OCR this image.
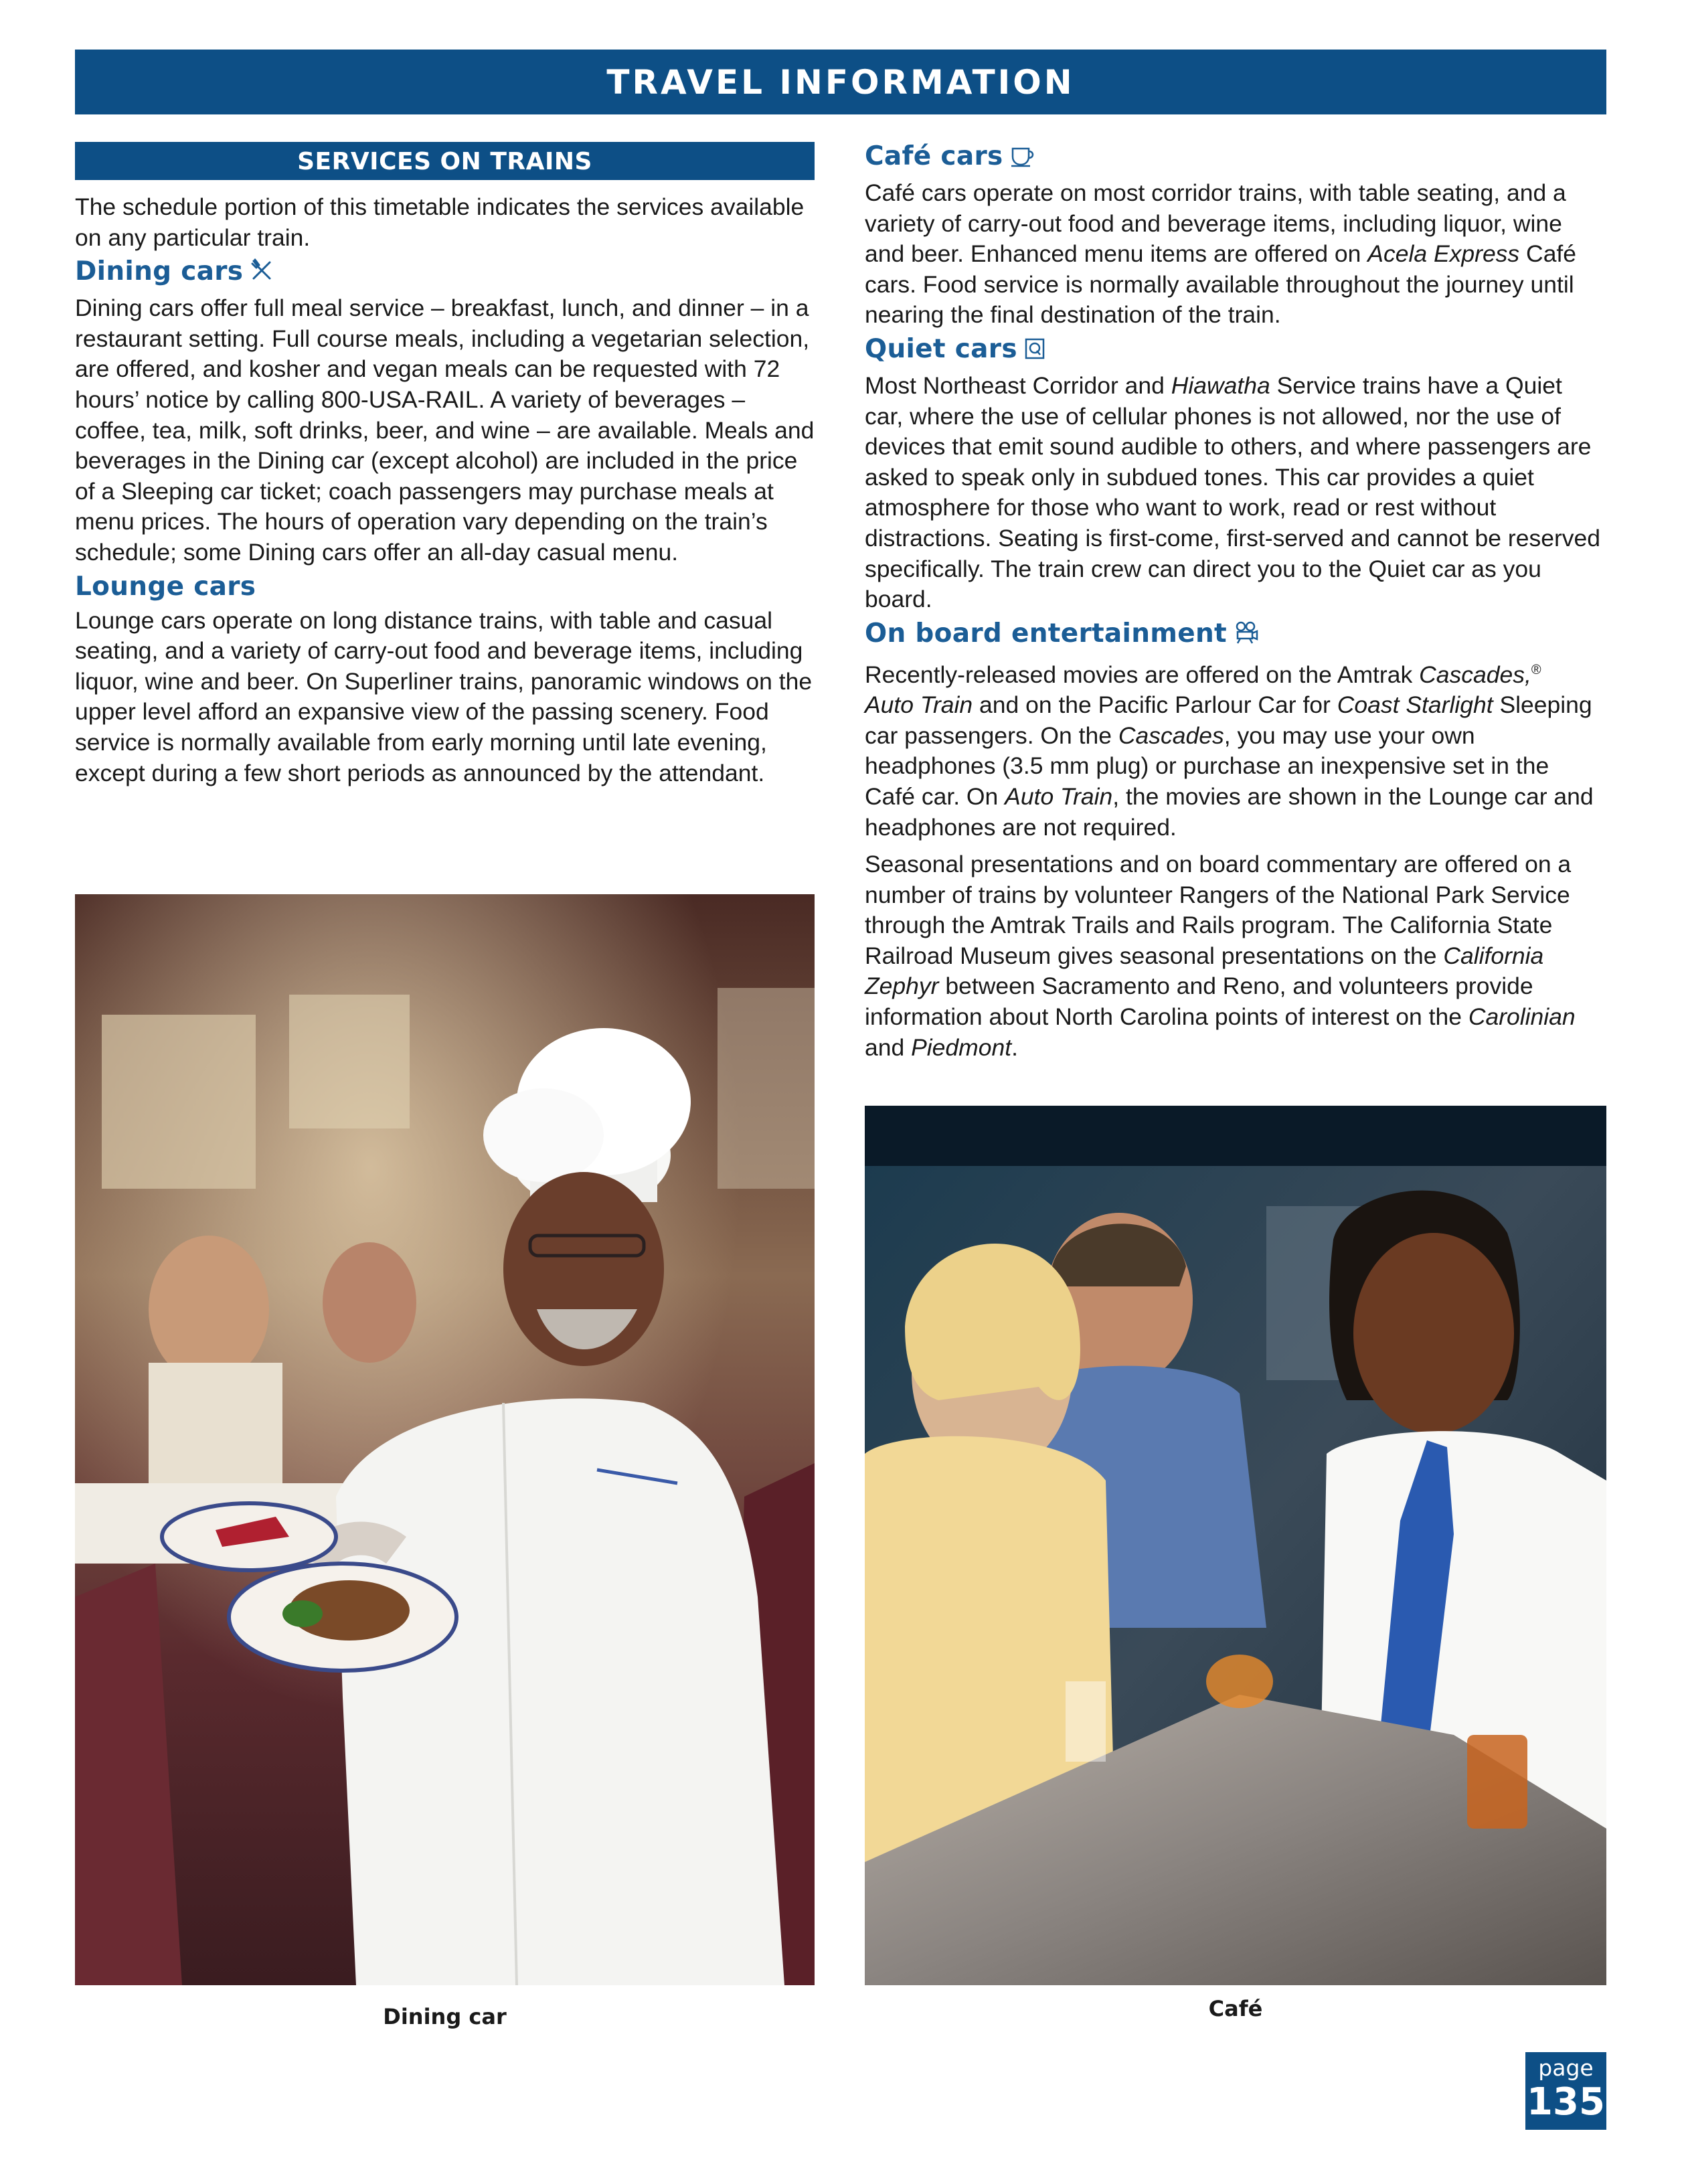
TRAVEL INFORMATION
SERVICES ON TRAINS

The schedule portion of this timetable indicates the services available on any particular train.

Dining cars

Dining cars offer full meal service – breakfast, lunch, and dinner – in a restaurant setting. Full course meals, including a vegetarian selection, are offered, and kosher and vegan meals can be requested with 72 hours’ notice by calling 800-USA-RAIL. A variety of beverages – coffee, tea, milk, soft drinks, beer, and wine – are available. Meals and beverages in the Dining car (except alcohol) are included in the price of a Sleeping car ticket; coach passengers may purchase meals at menu prices. The hours of operation vary depending on the train’s schedule; some Dining cars offer an all-day casual menu.

Lounge cars

Lounge cars operate on long distance trains, with table and casual seating, and a variety of carry-out food and beverage items, including liquor, wine and beer. On Superliner trains, panoramic windows on the upper level afford an expansive view of the passing scenery. Food service is normally available from early morning until late evening, except during a few short periods as announced by the attendant.

Café cars

Café cars operate on most corridor trains, with table seating, and a variety of carry-out food and beverage items, including liquor, wine and beer. Enhanced menu items are offered on Acela Express Café cars. Food service is normally available throughout the journey until nearing the final destination of the train.

Quiet cars

Most Northeast Corridor and Hiawatha Service trains have a Quiet car, where the use of cellular phones is not allowed, nor the use of devices that emit sound audible to others, and where passengers are asked to speak only in subdued tones. This car provides a quiet atmosphere for those who want to work, read or rest without distractions. Seating is first-come, first-served and cannot be reserved specifically. The train crew can direct you to the Quiet car as you board.

On board entertainment

Recently-released movies are offered on the Amtrak Cascades,®
Auto Train and on the Pacific Parlour Car for Coast Starlight Sleeping car passengers. On the Cascades, you may use your own headphones (3.5 mm plug) or purchase an inexpensive set in the Café car. On Auto Train, the movies are shown in the Lounge car and headphones are not required.

Seasonal presentations and on board commentary are offered on a number of trains by volunteer Rangers of the National Park Service through the Amtrak Trails and Rails program. The California State Railroad Museum gives seasonal presentations on the California Zephyr between Sacramento and Reno, and volunteers provide information about North Carolina points of interest on the Carolinian and Piedmont.

Dining car	Café
page
135
